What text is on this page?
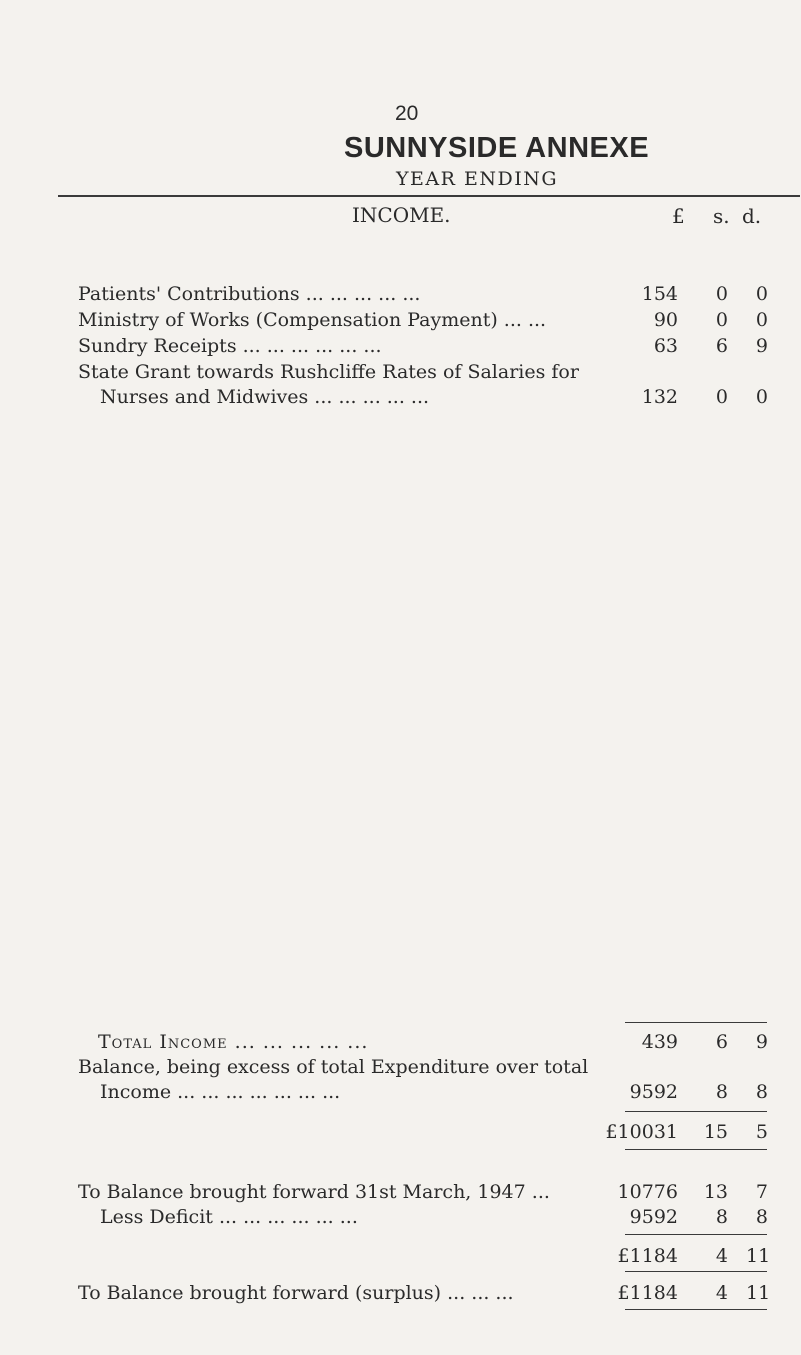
20
SUNNYSIDE ANNEXE
YEAR ENDING
INCOME.	£ s. d.
Patients' Contributions ... ... ... ... ...	154	0	0
Ministry of Works (Compensation Payment) ... ...	90	0	0
Sundry Receipts ... ... ... ... ... ...	63	6	9
State Grant towards Rushcliffe Rates of Salaries for
Nurses and Midwives ... ... ... ... ...	132	0	0
Total Income ... ... ... ... ...	439	6	9
Balance, being excess of total Expenditure over total
Income ... ... ... ... ... ... ...	9592	8	8
£10031	15	5
To Balance brought forward 31st March, 1947 ...	10776	13	7
Less Deficit ... ... ... ... ... ...	9592	8	8
£1184	4 11
To Balance brought forward (surplus) ... ... ...	£1184	4 11
